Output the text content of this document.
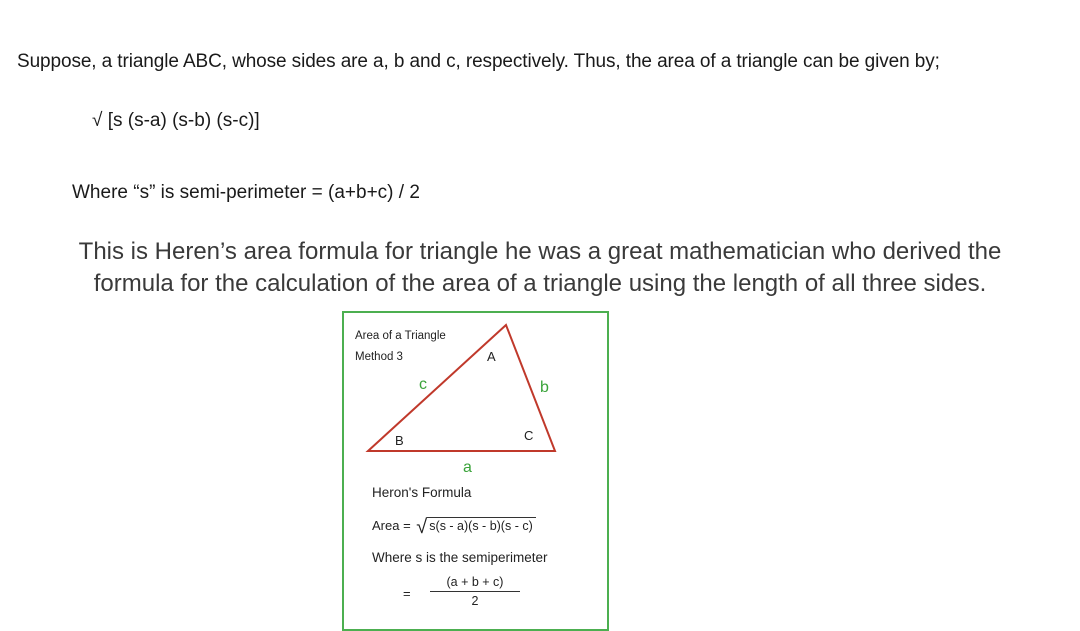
Suppose, a triangle ABC, whose sides are a, b and c, respectively. Thus, the area of a triangle can be given by;
√ [s (s-a) (s-b) (s-c)]
Where “s” is semi-perimeter = (a+b+c) / 2
This is Heren’s area formula for triangle he was a great mathematician who derived the
formula for the calculation of the area of a triangle using the length of all three sides.
Area of a Triangle
Method 3	A
B	C
a
b
c
Heron's Formula
Area = √ s(s - a)(s - b)(s - c)
Where s is the semiperimeter
= $\frac{(a + b + c)}{2}$
